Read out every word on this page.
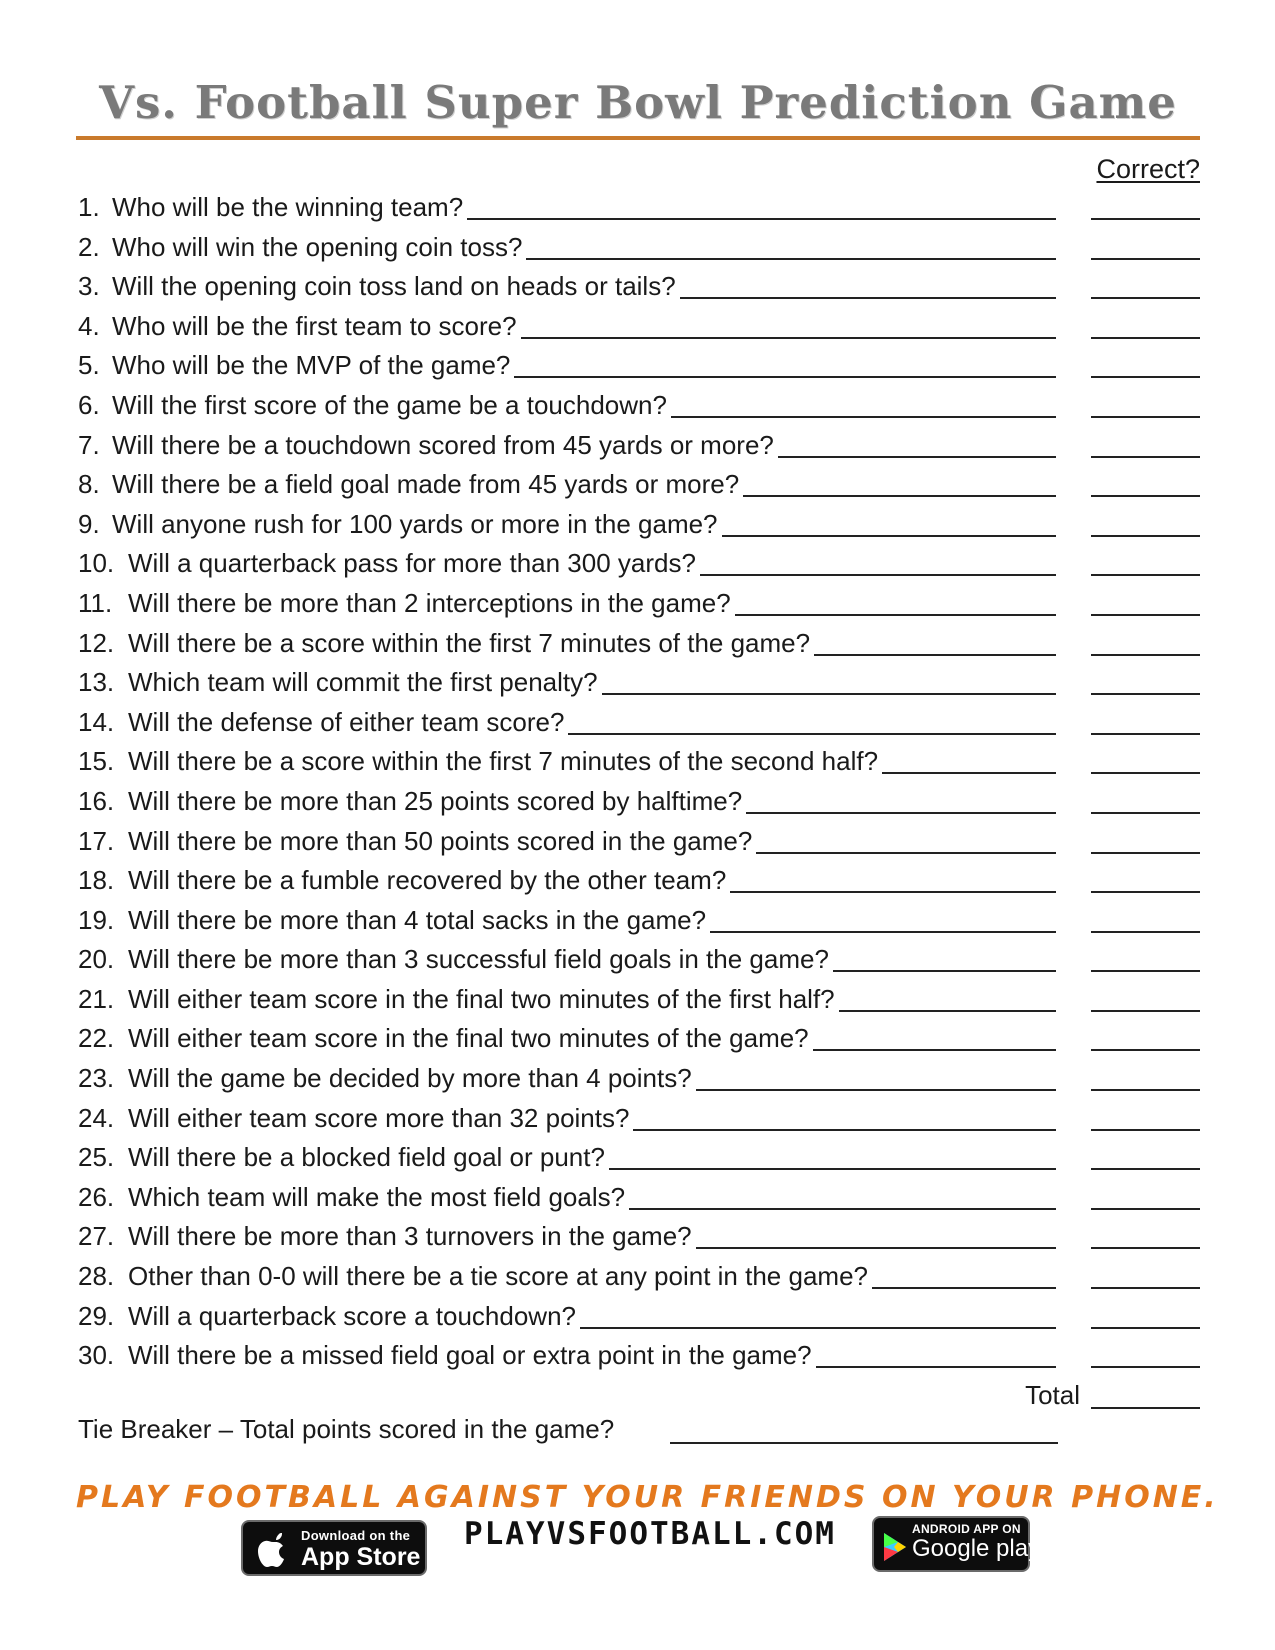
Vs. Football Super Bowl Prediction Game
Correct?
1. Who will be the winning team?
2. Who will win the opening coin toss?
3. Will the opening coin toss land on heads or tails?
4. Who will be the first team to score?
5. Who will be the MVP of the game?
6. Will the first score of the game be a touchdown?
7. Will there be a touchdown scored from 45 yards or more?
8. Will there be a field goal made from 45 yards or more?
9. Will anyone rush for 100 yards or more in the game?
10. Will a quarterback pass for more than 300 yards?
11. Will there be more than 2 interceptions in the game?
12. Will there be a score within the first 7 minutes of the game?
13. Which team will commit the first penalty?
14. Will the defense of either team score?
15. Will there be a score within the first 7 minutes of the second half?
16. Will there be more than 25 points scored by halftime?
17. Will there be more than 50 points scored in the game?
18. Will there be a fumble recovered by the other team?
19. Will there be more than 4 total sacks in the game?
20. Will there be more than 3 successful field goals in the game?
21. Will either team score in the final two minutes of the first half?
22. Will either team score in the final two minutes of the game?
23. Will the game be decided by more than 4 points?
24. Will either team score more than 32 points?
25. Will there be a blocked field goal or punt?
26. Which team will make the most field goals?
27. Will there be more than 3 turnovers in the game?
28. Other than 0-0 will there be a tie score at any point in the game?
29. Will a quarterback score a touchdown?
30. Will there be a missed field goal or extra point in the game?
Total
Tie Breaker – Total points scored in the game?
PLAY FOOTBALL AGAINST YOUR FRIENDS ON YOUR PHONE.
Download on the
App Store
PLAYVSFOOTBALL.COM	ANDROID APP ON
Google play
